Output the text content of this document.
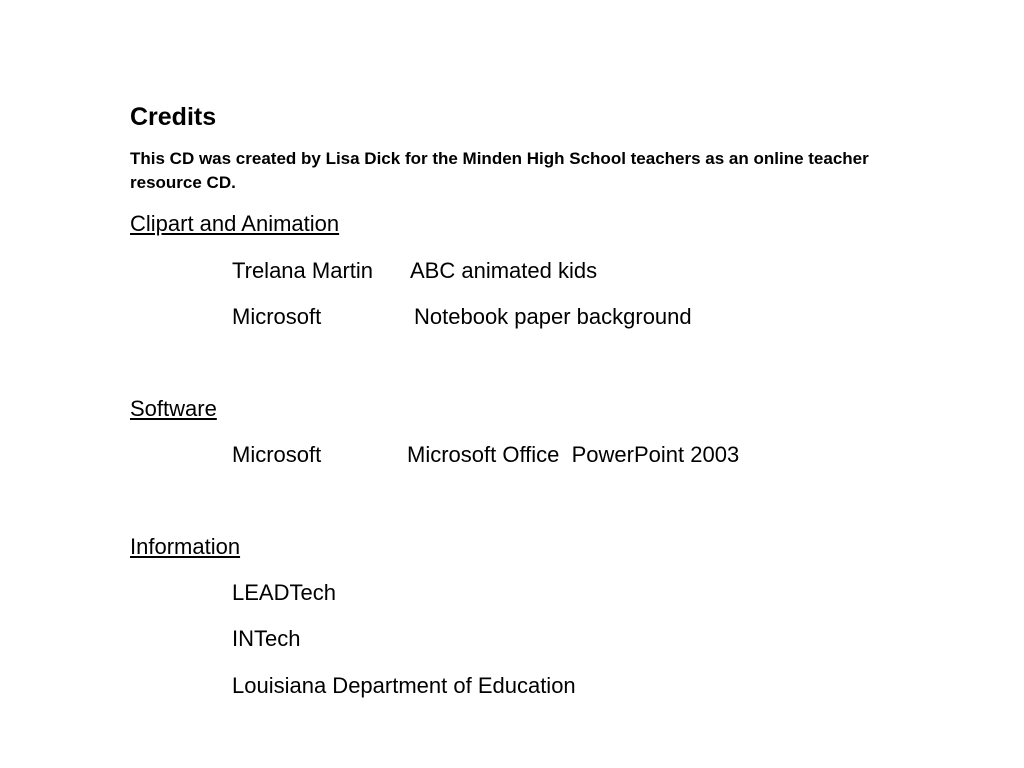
Credits
This CD was created by Lisa Dick for the Minden High School teachers as an online teacher resource CD.
Clipart and Animation
Trelana Martin ABC animated kids
Microsoft	Notebook paper background
Software
Microsoft	Microsoft Office  PowerPoint 2003
Information
LEADTech
INTech
Louisiana Department of Education
